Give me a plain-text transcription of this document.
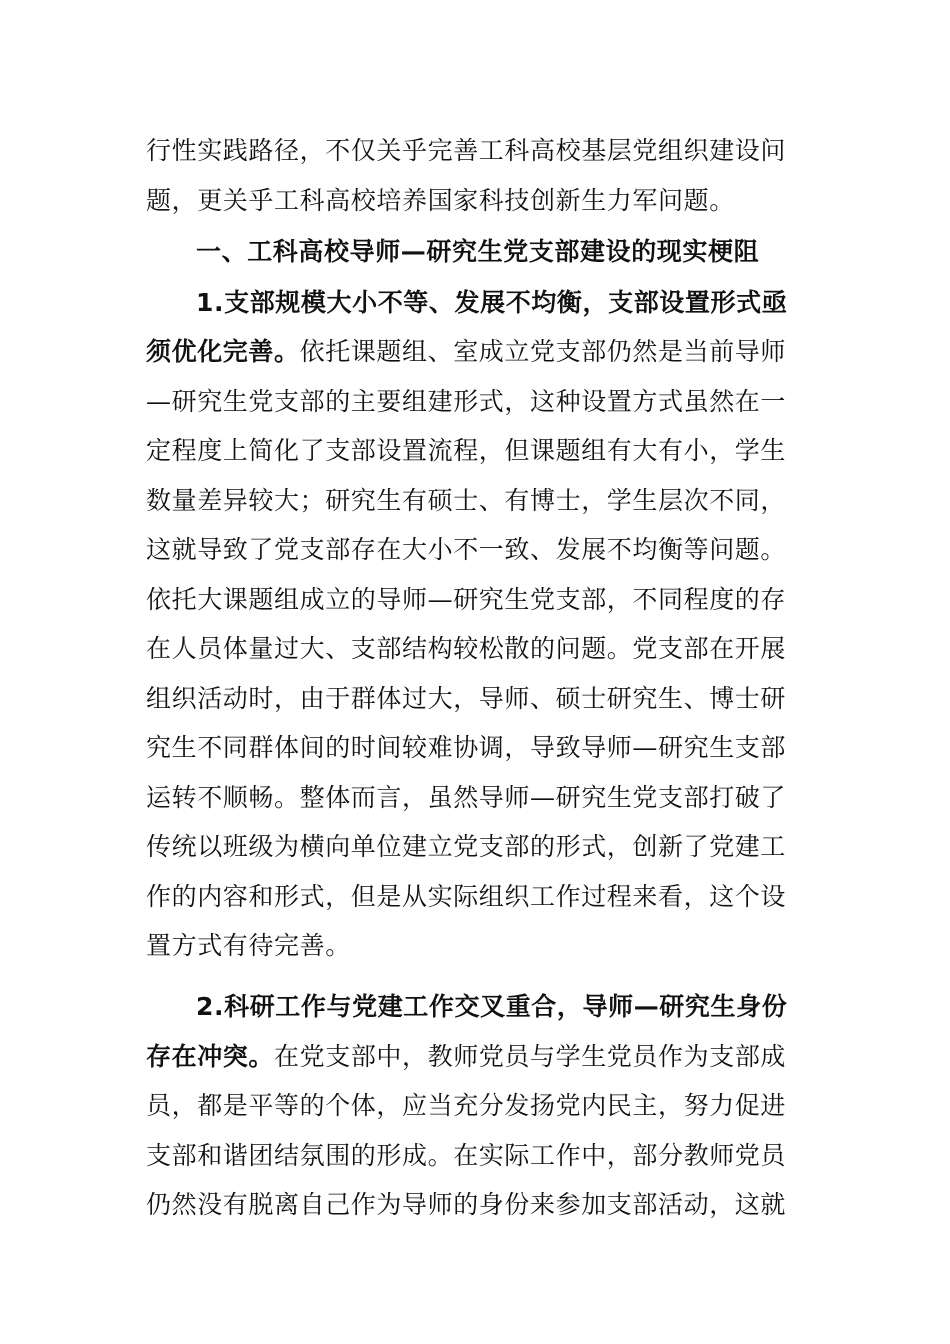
行性实践路径，不仅关乎完善工科高校基层党组织建设问
题，更关乎工科高校培养国家科技创新生力军问题。
一、工科高校导师—研究生党支部建设的现实梗阻
1.支部规模大小不等、发展不均衡，支部设置形式亟
须优化完善。依托课题组、室成立党支部仍然是当前导师
—研究生党支部的主要组建形式，这种设置方式虽然在一
定程度上简化了支部设置流程，但课题组有大有小，学生
数量差异较大；研究生有硕士、有博士，学生层次不同，
这就导致了党支部存在大小不一致、发展不均衡等问题。
依托大课题组成立的导师—研究生党支部，不同程度的存
在人员体量过大、支部结构较松散的问题。党支部在开展
组织活动时，由于群体过大，导师、硕士研究生、博士研
究生不同群体间的时间较难协调，导致导师—研究生支部
运转不顺畅。整体而言，虽然导师—研究生党支部打破了
传统以班级为横向单位建立党支部的形式，创新了党建工
作的内容和形式，但是从实际组织工作过程来看，这个设
置方式有待完善。
2.科研工作与党建工作交叉重合，导师—研究生身份
存在冲突。在党支部中，教师党员与学生党员作为支部成
员，都是平等的个体，应当充分发扬党内民主，努力促进
支部和谐团结氛围的形成。在实际工作中，部分教师党员
仍然没有脱离自己作为导师的身份来参加支部活动，这就
